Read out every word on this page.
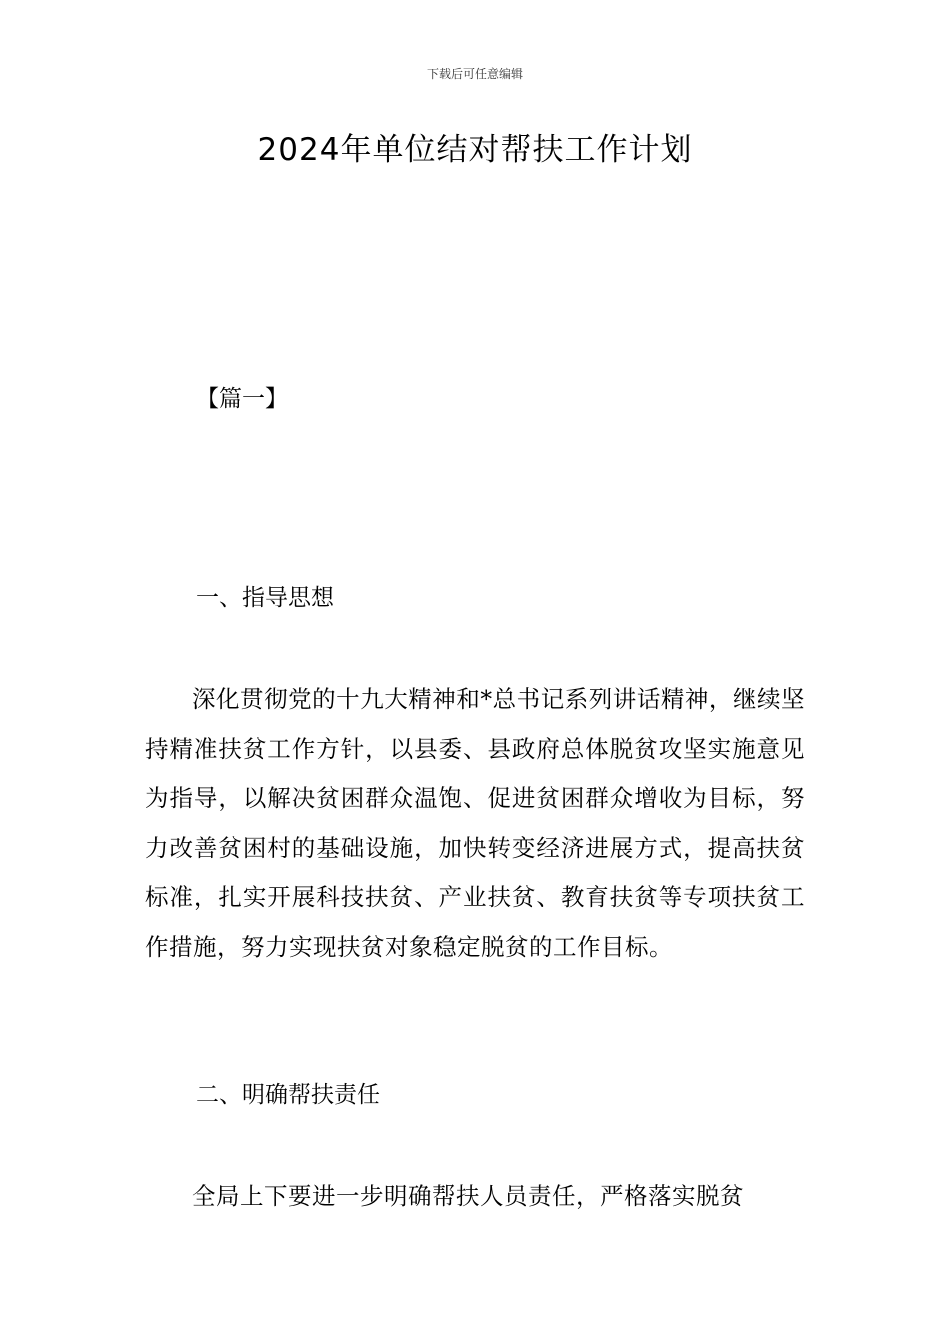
下载后可任意编辑
2024年单位结对帮扶工作计划
【篇一】
一、指导思想

深化贯彻党的十九大精神和*总书记系列讲话精神，继续坚持精准扶贫工作方针，以县委、县政府总体脱贫攻坚实施意见为指导，以解决贫困群众温饱、促进贫困群众增收为目标，努力改善贫困村的基础设施，加快转变经济进展方式，提高扶贫标准，扎实开展科技扶贫、产业扶贫、教育扶贫等专项扶贫工作措施，努力实现扶贫对象稳定脱贫的工作目标。

二、明确帮扶责任

全局上下要进一步明确帮扶人员责任，严格落实脱贫
